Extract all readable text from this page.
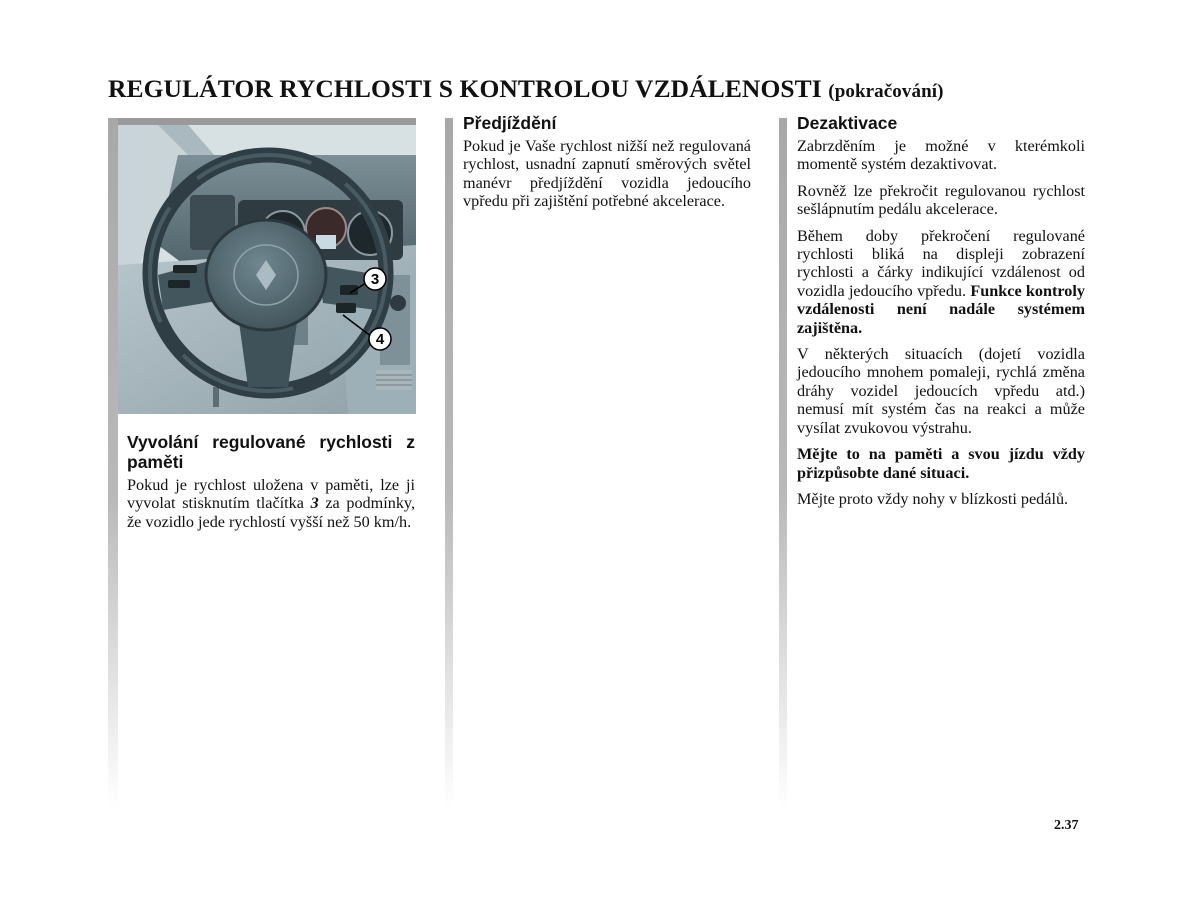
REGULÁTOR RYCHLOSTI S KONTROLOU VZDÁLENOSTI (pokračování)
3
4
Vyvolání regulované rychlosti z paměti

Pokud je rychlost uložena v paměti, lze ji vyvolat stisknutím tlačítka 3 za podmínky, že vozidlo jede rychlostí vyšší než 50 km/h.

Předjíždění

Pokud je Vaše rychlost nižší než regulovaná rychlost, usnadní zapnutí směrových světel manévr předjíždění vozidla jedoucího vpředu při zajištění potřebné akcelerace.

Dezaktivace

Zabrzděním je možné v kterémkoli momentě systém dezaktivovat.

Rovněž lze překročit regulovanou rychlost sešlápnutím pedálu akcelerace.

Během doby překročení regulované rychlosti bliká na displeji zobrazení rychlosti a čárky indikující vzdálenost od vozidla jedoucího vpředu. Funkce kontroly vzdálenosti není nadále systémem zajištěna.

V některých situacích (dojetí vozidla jedoucího mnohem pomaleji, rychlá změna dráhy vozidel jedoucích vpředu atd.) nemusí mít systém čas na reakci a může vysílat zvukovou výstrahu.

Mějte to na paměti a svou jízdu vždy přizpůsobte dané situaci.

Mějte proto vždy nohy v blízkosti pedálů.

2.37
